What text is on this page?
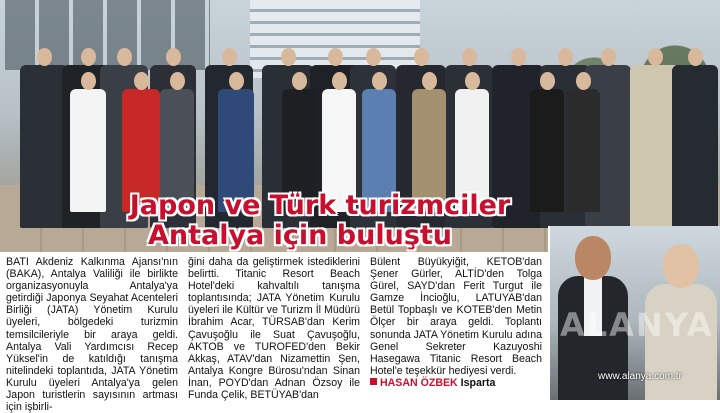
Japon ve Türk turizmciler
Antalya için buluştu

BATI Akdeniz Kalkınma Ajansı'nın (BAKA), Antalya Valiliği ile birlikte organizasyonuyla Antalya'ya getirdiği Japonya Seyahat Acenteleri Birliği (JATA) Yönetim Kurulu üyeleri, bölgedeki turizmin temsilcileriyle bir araya geldi. Antalya Vali Yardımcısı Recep Yüksel'in de katıldığı tanışma nitelindeki toplantıda, JATA Yönetim Kurulu üyeleri Antalya'ya gelen Japon turistlerin sayısının artması için işbirli-

ğini daha da geliştirmek istediklerini belirtti. Titanic Resort Beach Hotel'deki kahvaltılı tanışma toplantısında; JATA Yönetim Kurulu üyeleri ile Kültür ve Turizm İl Müdürü İbrahim Acar, TÜRSAB'dan Kerim Çavuşoğlu ile Suat Çavuşoğlu, AKTOB ve TUROFED'den Bekir Akkaş, ATAV'dan Nizamettin Şen, Antalya Kongre Bürosu'ndan Sinan İnan, POYD'dan Adnan Özsoy ile Funda Çelik, BETÜYAB'dan

Bülent Büyükyiğit, KETOB'dan Şener Gürler, ALTİD'den Tolga Gürel, SAYD'dan Ferit Turgut ile Gamze İncioğlu, LATUYAB'dan Betül Topbaşlı ve KOTEB'den Metin Ölçer bir araya geldi. Toplantı sonunda JATA Yönetim Kurulu adına Genel Sekreter Kazuyoshi Hasegawa Titanic Resort Beach Hotel'e teşekkür hediyesi verdi.

HASAN ÖZBEK Isparta

ALANYA
www.alanya.com.tr
